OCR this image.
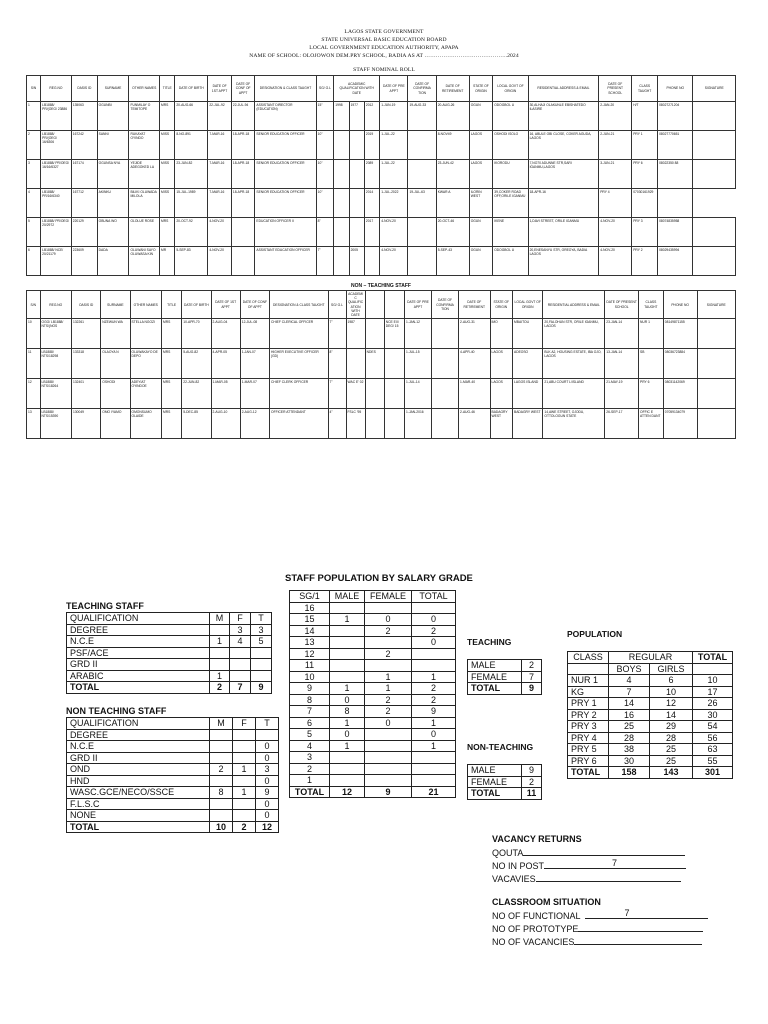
LAGOS STATE GOVERNMENT
STATE UNIVERSAL BASIC EDUCATION BOARD
LOCAL GOVERNMENT EDUCATION AUTHORITY, APAPA
NAME OF SCHOOL: OLOJOWON DEM.PRY SCHOOL, BADIA AS AT ……………………………………..2024
STAFF NOMINAL ROLL
S/N	REG.NO	OASIS ID	SURNAME	OTHER NAMES	TITLE	DATE OF BIRTH	DATE OF 1ST APPT	DATE OF CONF OF APPT	DESIGNATION & CLASS TAUGHT	SG/ G.L	ACADEMIC QUALIFICATION WITH DATE			DATE OF PRE APPT	DATE OF CONFIRMA TION	DATE OF RETIREMENT	STATE OF ORIGIN	LOCAL GOVT OF ORIGIN	RESIDENTIAL ADDRESS & EMAIL	DATE OF PRESENT SCHOOL	CLASS TAUGHT	PHONE NO	SIGNATURE
1	LB1888/ PR/(OEG/ 23886	135063	OGUNBI	FUNMILAY O TEMITOPE	MRS	20-AUG-66	22-JUL-92	22-JUL-94	ASSISTANT DIRECTOR (EDUCATION)	15"	1998	1977	2012	1-JUN-19	19-AUG-33	20-AUG-26	OGUN	ODOGBOL U	30,ALHAJI OLAKUNLE EBISHATEDO ILASIRE	2-JAN-20	H/T	08027271204	
2	LB1888/ PR/(OEG/ 16/6306	167242	SANNI	RUKAYAT OYINDO	MISS	8-NO-891	7-MAR-16	18-APR-18	SENIOR EDUCATION OFFICER	10"			2019	1-JUL-22		8-NOV49	LAGOS	OSHODI ISOLO	16, ABULE OBI CLOSE, COKER AGUDA, LAGOS	2-JUN-21	PRY 1	08027770651	
3	LB1888/ PR/OEG/ 16/16/6327	167174	OGUNSA NYA	YEJIDE ADEGOKED LA	MISS	23-JUN-82	7-MAR-16	18-APR-18	SENIOR EDUCATION OFFICER	10"			2089	1-JUL-22		23-JUN-42	LAGOS	IKORODU	7,NO70 ADUNNE STR,SARI IGANMU,LAGOS	3-JUN-21	PRY 6	08022350 88	
4	LB1888/ PR/16/6340	167712	AKINKU	BILIKI OLUWADA MILOLA	MISS	15-JUL-1989	7-MAR-16	18-APR-18	SENIOR EDUCATION OFFICER	10"			2014	1-JUL-2022	19-JUL-63	KWAR A	ILORIN WEST	39,COKER ROAD OFF,ORILE IGANMU	18-APR-16	PRY 4	07030161929		
5	LB1888/ PR/OEG/ 20/2972	220129	OBUNA WO	OLOLUE ROSE	MRS	20-OCT-92	4-NOV-20		EDUCATION OFFICER II	8"			2017	4-NOV-20		20-OCT-46	OGUN	IKENE	1,DAVI STREET, ORILE IGANMU	4-NOV-20	PRY 3	08074835958	
6	LB1888/ NCE/ 20/21179	223609	DADA	OLUWANI SAYO OLUWASA KIN	MR	5-SEP-83	4-NOV-20		ASSISTANT EDUCATION OFFICER	7"		2005		4-NOV-20		5-SEP-43	OGUN	ODOGBOL U	20,ENESANYU STR, OREOYA, BADIA LAGOS	4-NOV-20	PRY 2	08029435994	
NON – TEACHING STAFF
S/N	REG.NO	OASIS ID	SURNAME	OTHER NAMES	TITLE	DATE OF BIRTH	DATE OF 1ST APPT	DATE OF CONF OF APPT	DESIGNATION & CLASS TAUGHT	SG/ G.L	ACADEMIC QUALIFICATION WITH DATE			DATE OF PRE APPT	DATE OF CONFIRMA TION	DATE OF RETIREMENT	STATE OF ORIGIN	LOCAL GOVT OF ORIGIN	RESIDENTIAL ADDRESS & EMAIL	DATE OF PRESENT SCHOOL	CLASS TAUGHT	PHONE NO	SIGNATURE
10	OGG/ LB1888/ NTS/(NOS	132261	NZEWUN WA	STELLA NGOZI	MRS	10-APR-70	2-AUG-04	12-JUL-08	CHIEF CLERICAL OFFICER	7"	1987		NCE EX/ DEG/ 15	1-JAN-12		2-AUG-31	IMO	MBAITOLI	20,FALOHUN STR, ORILE IGANMU, LAGOS	23-JAN-14	NUR 1	08149871155	
11	LB1888/ NTS/18298	133318	OLAOYA N	OLUWAKAYO DE DEPO	MRS	5-AUG-82	4-APR-05	1-JAN-07	HIGHER EXECUTIVE OFFICER (GD)	8"		NDES		1-JUL-15		4-APR-40	LAGOS	ADEOSO	BLK A2, HOUSING ESTATE, IBA OJO, LAGOS	13-JAN-14	SB	08036723884	
12	LB1888/ NTS/18264	132401	OSHODI	ADEYIAT OYINDOE	MRS	22-JUN-82	1-MAR-05	1-MAR-07	CHIEF CLERK OFFICER	7"	WAC E' 02			1-JUL-14		1-MAR-40	LAGOS	LAGOS ISLAND	21,ABU COURT L/ISLAND	21-MAY-19	PRY 6	08031142069	
13	LB1888/ NTS/15390	130049	OMO IYAMO	OMONSUMO OLAIDE	MRS	5-DEC-85	2-AUG-10	2-AUG-12	OFFICER ATTENDANT	4"	FSLC '95			1-JAN-2016		2-AUG-46	BADAGRY WEST	BADAGRY WEST	14,AWE STREET, OJODU, OTTOLOGUN STATE	26-SEP-17	OFFIC E ATTEN DANT	07059134079	
STAFF POPULATION BY SALARY GRADE
SG/1	MALE	FEMALE	TOTAL
16			
15	1	0	0
14		2	2
13			0
12		2	
11			
10		1	1
9	1	1	2
8	0	2	2
7	8	2	9
6	1	0	1
5	0		0
4	1		1
3			
2			
1			
TOTAL	12	9	21
TEACHING STAFF
QUALIFICATION	M	F	T
DEGREE		3	3
N.C.E	1	4	5
PSF/ACE			
GRD II			
ARABIC	1		
TOTAL	2	7	9
NON TEACHING STAFF
QUALIFICATION	M	F	T
DEGREE			
N.C.E			0
GRD II			0
OND	2	1	3
HND			0
WASC.GCE/NECO/SSCE	8	1	9
F.L.S.C			0
NONE			0
TOTAL	10	2	12
TEACHING
MALE	2
FEMALE	7
TOTAL	9
NON-TEACHING
MALE	9
FEMALE	2
TOTAL	11
POPULATION
CLASS	REGULAR		TOTAL
	BOYS	GIRLS	
NUR 1	4	6	10
KG	7	10	17
PRY 1	14	12	26
PRY 2	16	14	30
PRY 3	25	29	54
PRY 4	28	28	56
PRY 5	38	25	63
PRY 6	30	25	55
TOTAL	158	143	301
VACANCY RETURNS
QOUTA
NO IN POST	7
VACAVIES
CLASSROOM SITUATION
NO OF FUNCTIONAL	7
NO OF PROTOTYPE
NO OF VACANCIES
